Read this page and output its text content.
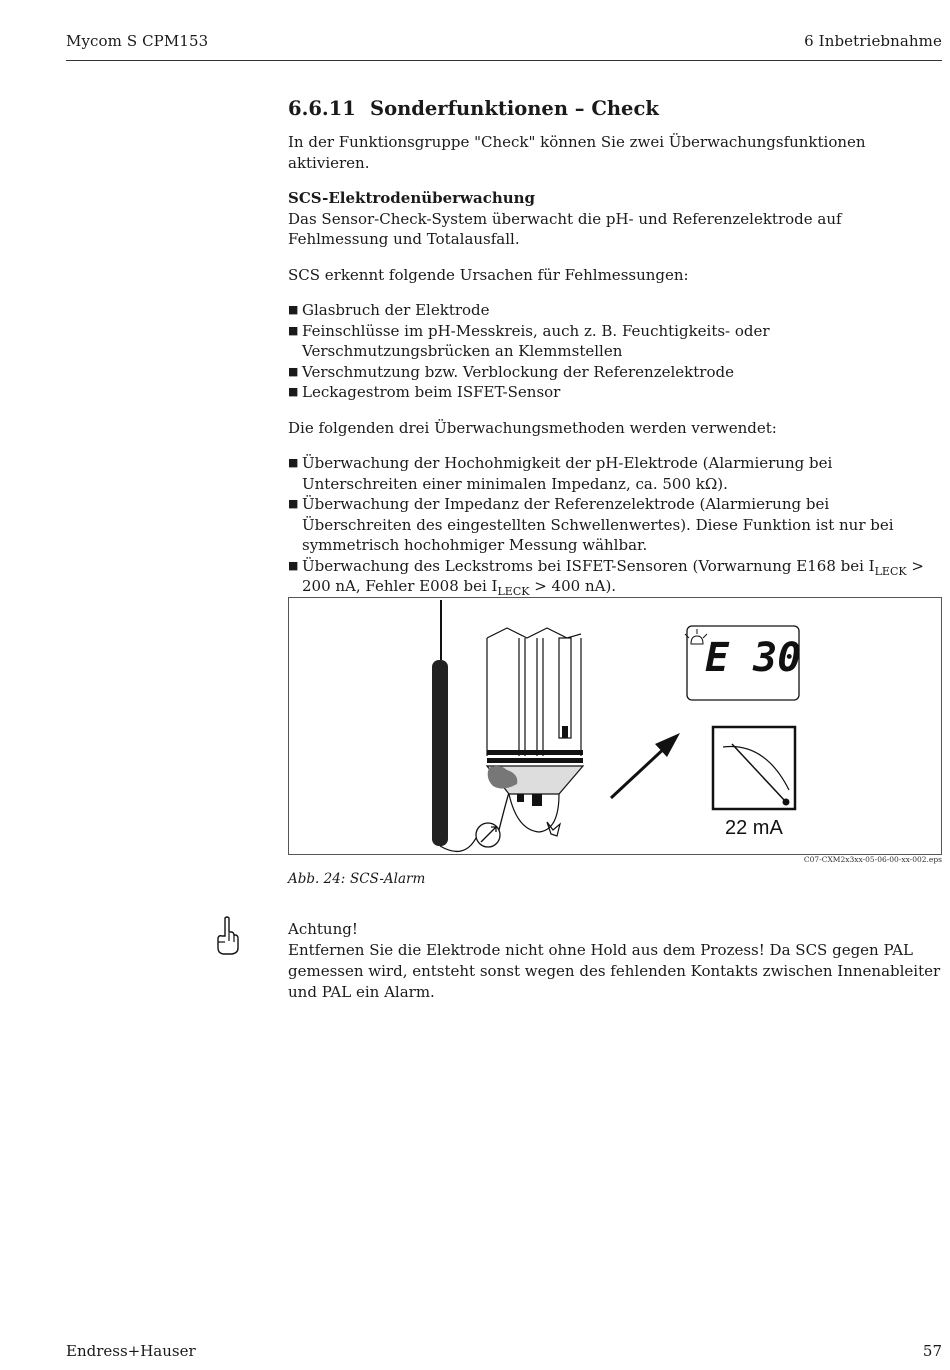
Mycom S CPM153	6 Inbetriebnahme
6.6.11 Sonderfunktionen – Check

In der Funktionsgruppe "Check" können Sie zwei Überwachungsfunktionen aktivieren.

SCS-Elektrodenüberwachung

Das Sensor-Check-System überwacht die pH- und Referenzelektrode auf Fehlmessung und Totalausfall.

SCS erkennt folgende Ursachen für Fehlmessungen:

■ Glasbruch der Elektrode
■ Feinschlüsse im pH-Messkreis, auch z. B. Feuchtigkeits- oder Verschmutzungsbrücken an Klemmstellen
■ Verschmutzung bzw. Verblockung der Referenzelektrode
■ Leckagestrom beim ISFET-Sensor

Die folgenden drei Überwachungsmethoden werden verwendet:

■ Überwachung der Hochohmigkeit der pH-Elektrode (Alarmierung bei Unterschreiten einer minimalen Impedanz, ca. 500 kΩ).
■ Überwachung der Impedanz der Referenzelektrode (Alarmierung bei Überschreiten des eingestellten Schwellenwertes). Diese Funktion ist nur bei symmetrisch hochohmiger Messung wählbar.
■ Überwachung des Leckstroms bei ISFET-Sensoren (Vorwarnung E168 bei $I_{LECK} > 200$ nA, Fehler E008 bei $I_{LECK} > 400$ nA).
E 30
22 mA
C07-CXM2x3xx-05-06-00-xx-002.eps
Abb. 24: SCS-Alarm

Achtung!

Entfernen Sie die Elektrode nicht ohne Hold aus dem Prozess! Da SCS gegen PAL gemessen wird, entsteht sonst wegen des fehlenden Kontakts zwischen Innenableiter und PAL ein Alarm.

Endress+Hauser	57
